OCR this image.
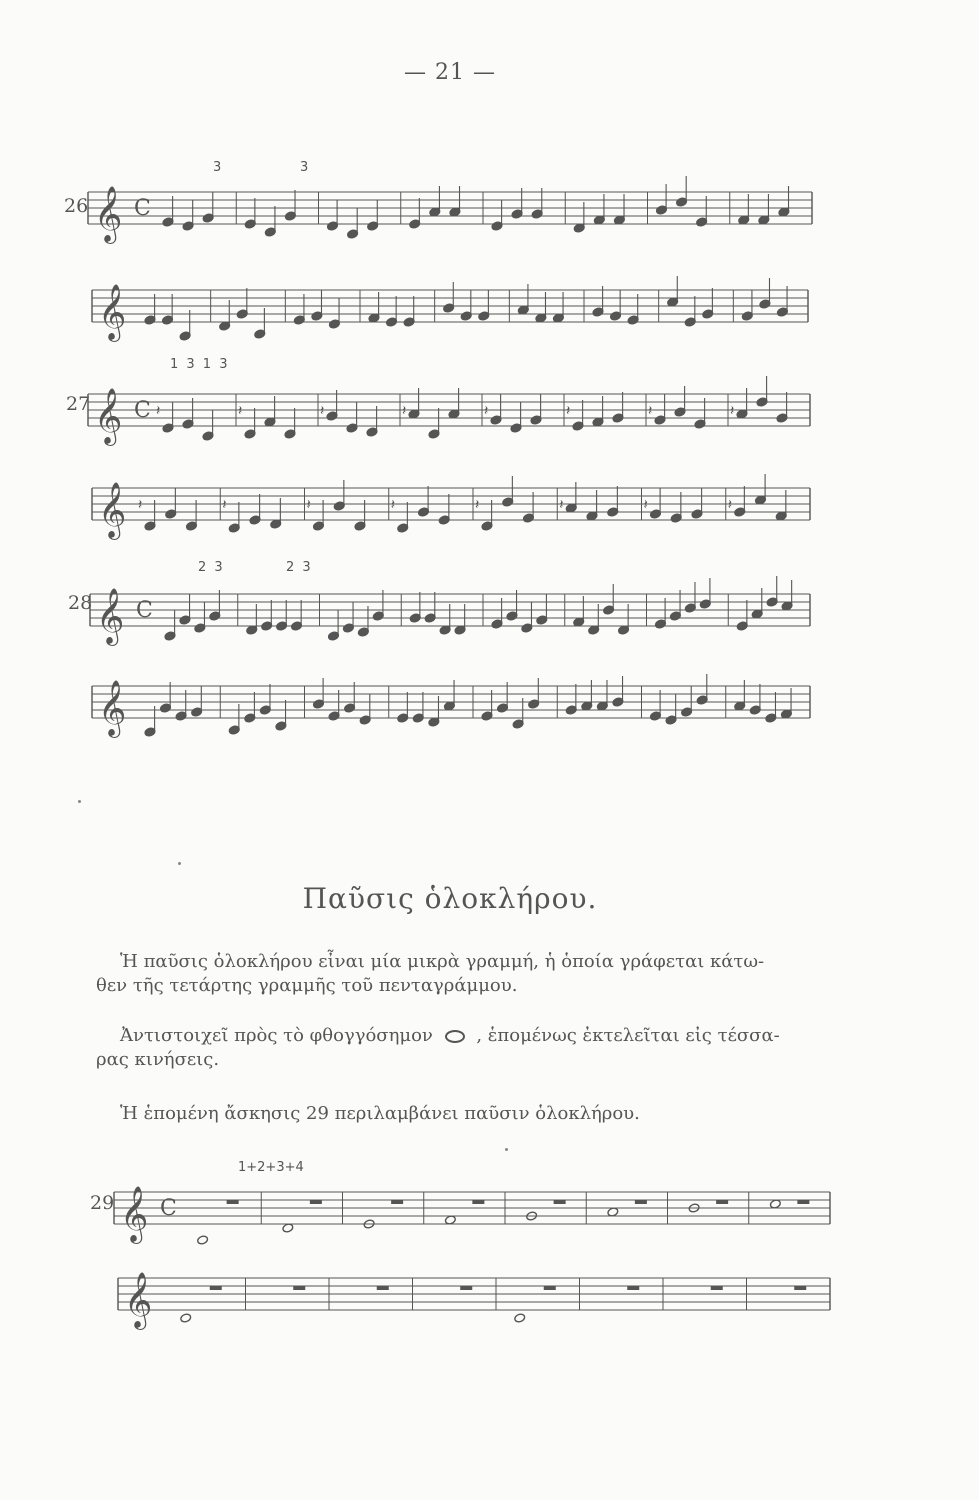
— 21 —
26
3	3
𝄞 C
𝄞
27
1 3 1 3
𝄞 C 𝄽	𝄽	𝄽	𝄽	𝄽	𝄽	𝄽	𝄽
𝄞 𝄽	𝄽	𝄽	𝄽	𝄽	𝄽	𝄽	𝄽
28
2 3	2 3
𝄞 C
𝄞
Παῦσις ὁλοκλήρου.
Ἡ παῦσις ὁλοκλήρου εἶναι μία μικρὰ γραμμή, ἡ ὁποία γράφεται κάτω-
θεν τῆς τετάρτης γραμμῆς τοῦ πενταγράμμου.
Ἀντιστοιχεῖ πρὸς τὸ φθογγόσημον , ἑπομένως ἐκτελεῖται εἰς τέσσα-
ρας κινήσεις.
Ἡ ἑπομένη ἄσκησις 29 περιλαμβάνει παῦσιν ὁλοκλήρου.
29
1+2+3+4
𝄞 C
𝄞
